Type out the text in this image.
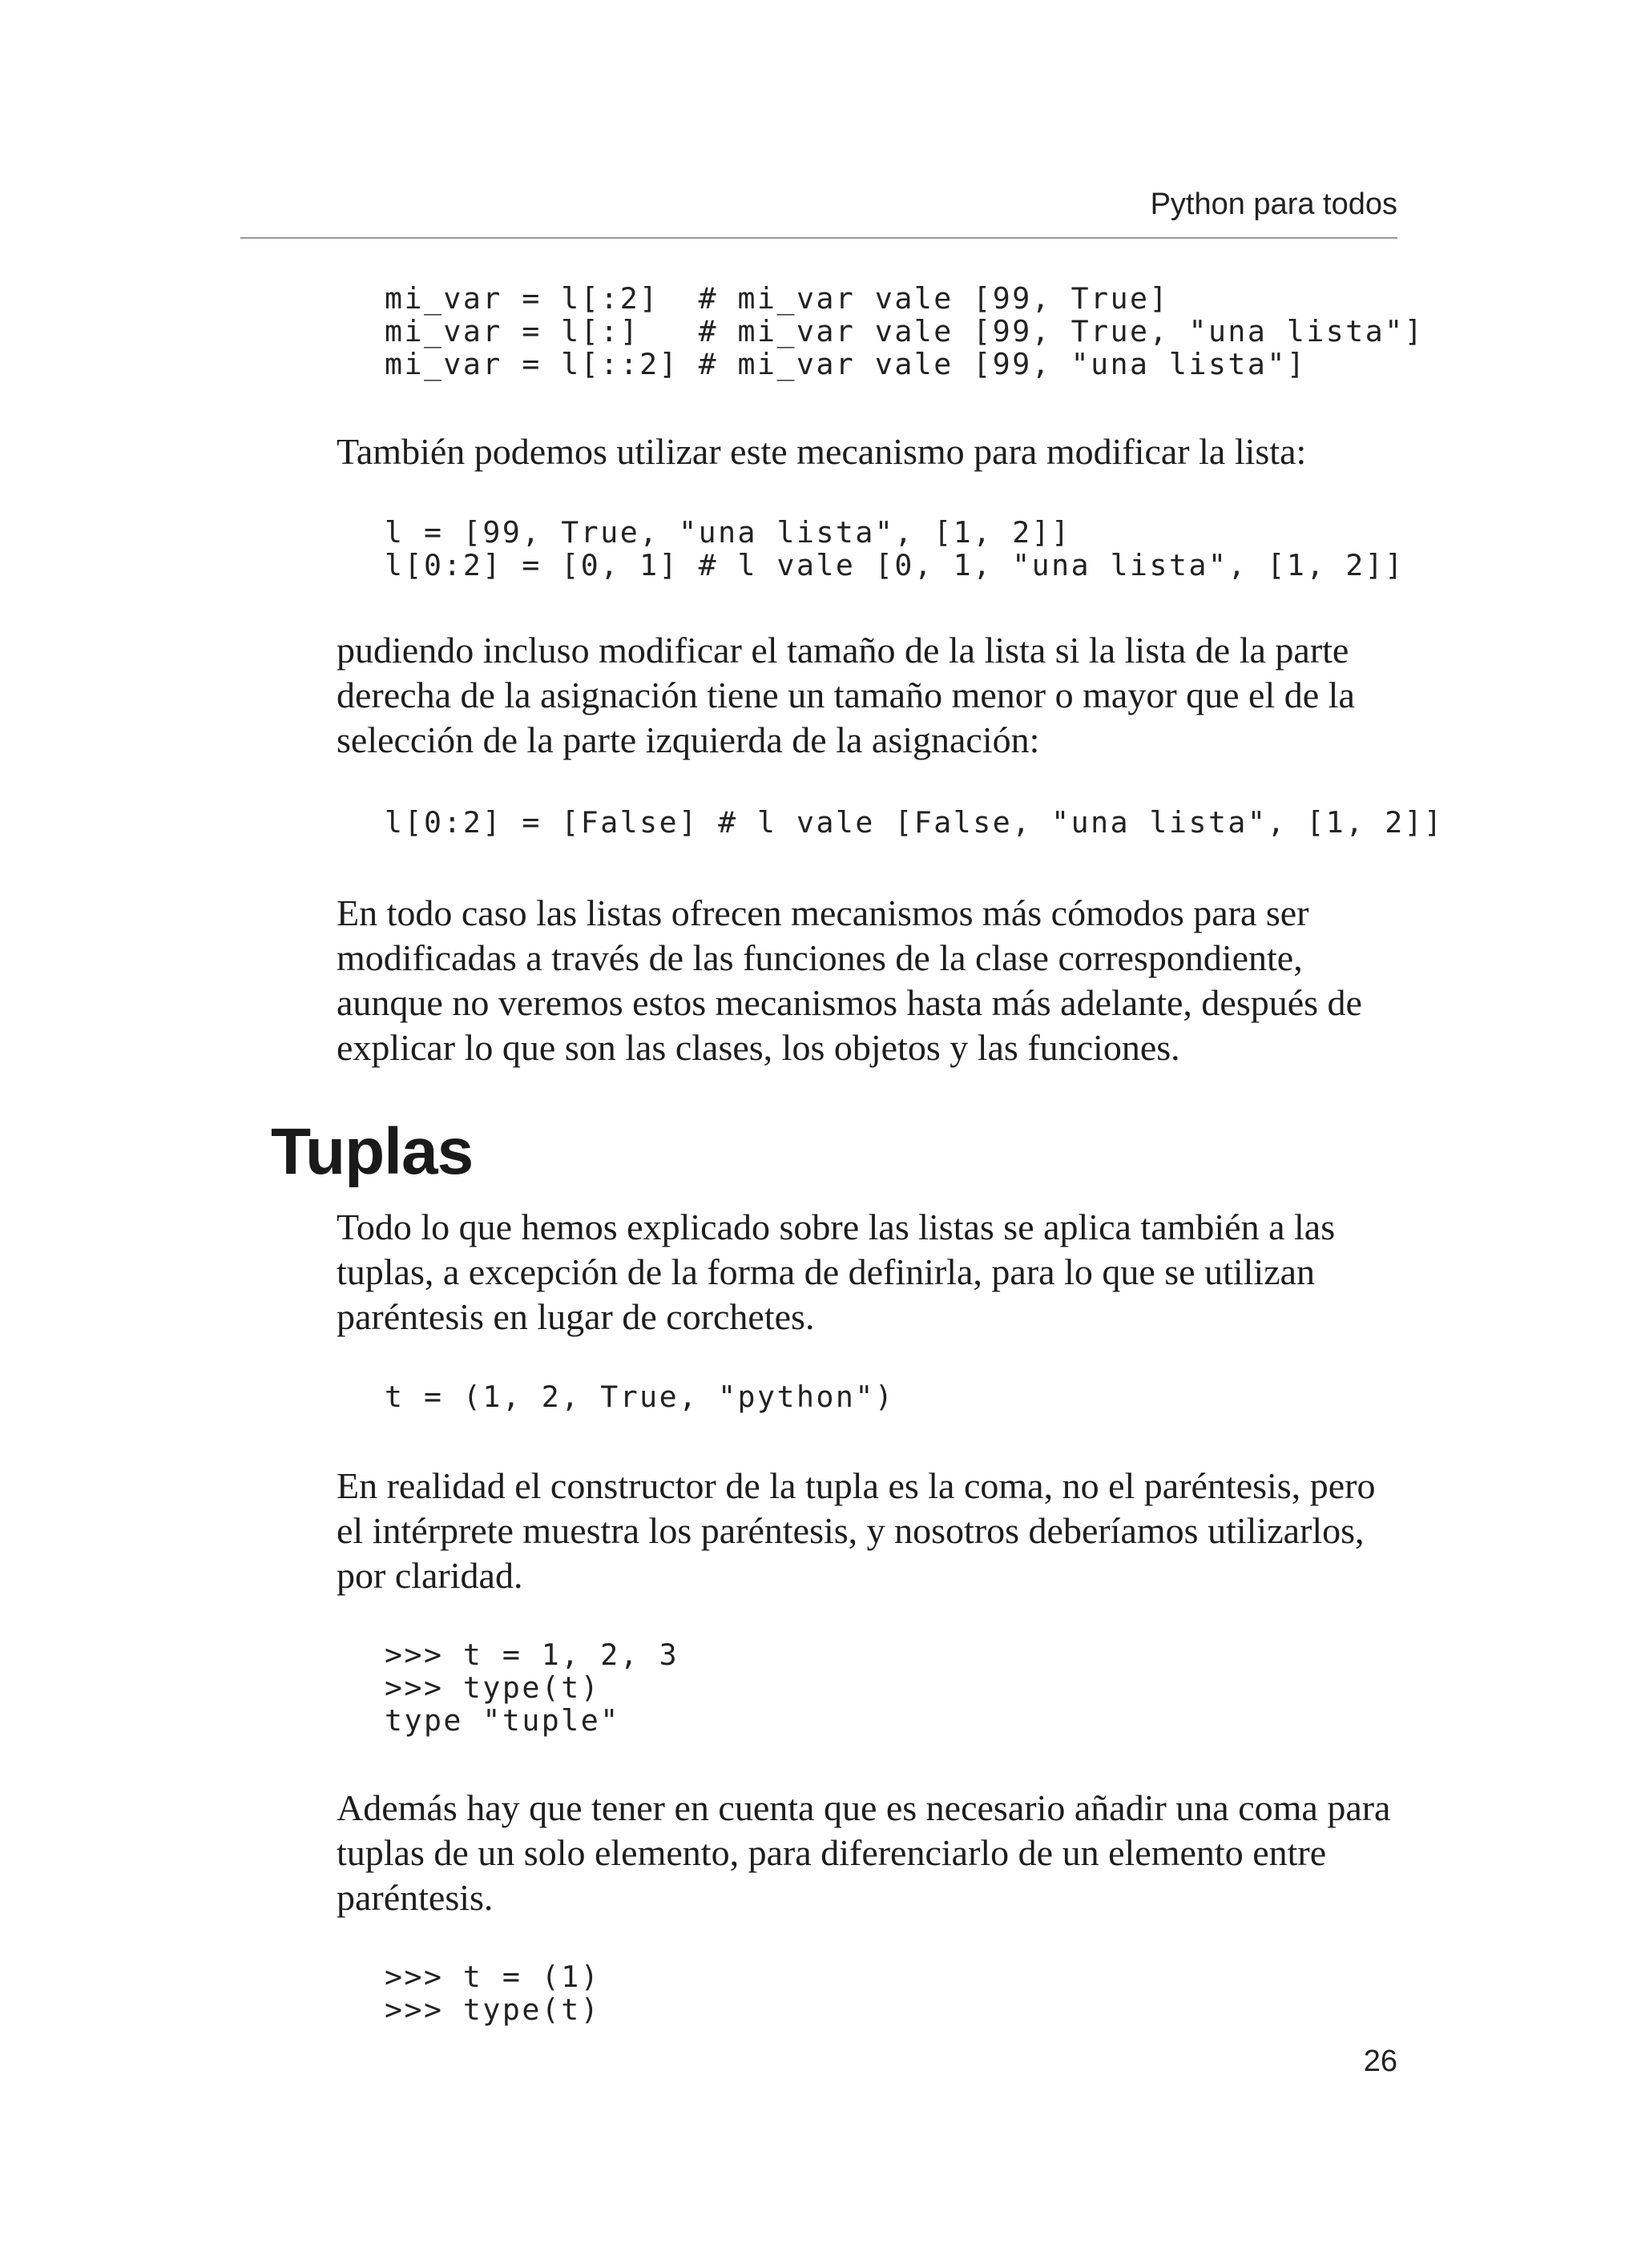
Python para todos
mi_var = l[:2]  # mi_var vale [99, True]
mi_var = l[:]   # mi_var vale [99, True, "una lista"]
mi_var = l[::2] # mi_var vale [99, "una lista"]

También podemos utilizar este mecanismo para modificar la lista:

l = [99, True, "una lista", [1, 2]]
l[0:2] = [0, 1] # l vale [0, 1, "una lista", [1, 2]]

pudiendo incluso modificar el tamaño de la lista si la lista de la parte derecha de la asignación tiene un tamaño menor o mayor que el de la selección de la parte izquierda de la asignación:

l[0:2] = [False] # l vale [False, "una lista", [1, 2]]

En todo caso las listas ofrecen mecanismos más cómodos para ser modificadas a través de las funciones de la clase correspondiente, aunque no veremos estos mecanismos hasta más adelante, después de explicar lo que son las clases, los objetos y las funciones.

Tuplas

Todo lo que hemos explicado sobre las listas se aplica también a las tuplas, a excepción de la forma de definirla, para lo que se utilizan paréntesis en lugar de corchetes.

t = (1, 2, True, "python")

En realidad el constructor de la tupla es la coma, no el paréntesis, pero el intérprete muestra los paréntesis, y nosotros deberíamos utilizarlos, por claridad.

>>> t = 1, 2, 3
>>> type(t)
type "tuple"

Además hay que tener en cuenta que es necesario añadir una coma para tuplas de un solo elemento, para diferenciarlo de un elemento entre paréntesis.

>>> t = (1)
>>> type(t)
26
